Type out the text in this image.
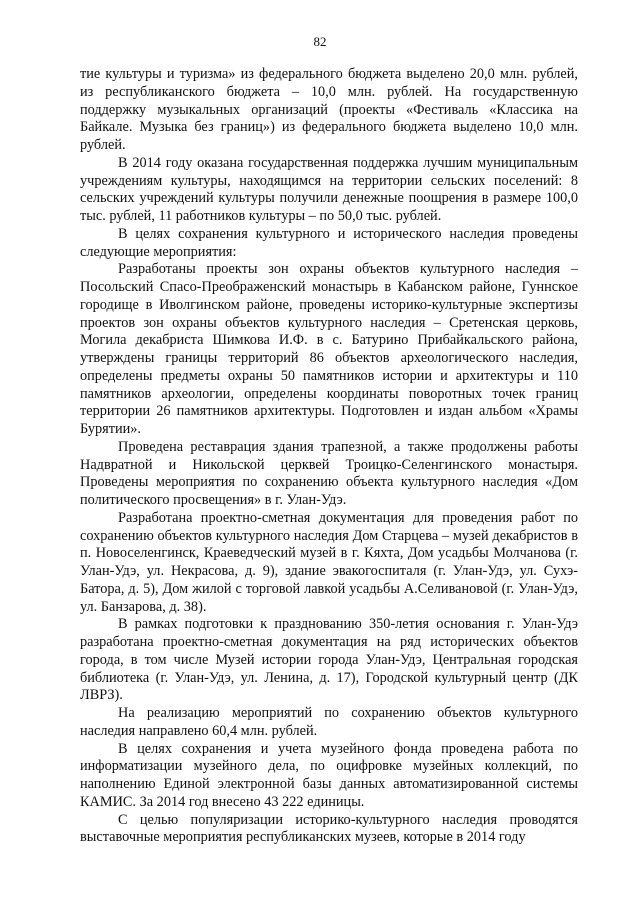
82

тие культуры и туризма» из федерального бюджета выделено 20,0 млн. рублей, из республиканского бюджета – 10,0 млн. рублей. На государственную поддержку музыкальных организаций (проекты «Фестиваль «Классика на Байкале. Музыка без границ») из федерального бюджета выделено 10,0 млн. рублей.

В 2014 году оказана государственная поддержка лучшим муниципальным учреждениям культуры, находящимся на территории сельских поселений: 8 сельских учреждений культуры получили денежные поощрения в размере 100,0 тыс. рублей, 11 работников культуры – по 50,0 тыс. рублей.

В целях сохранения культурного и исторического наследия проведены следующие мероприятия:

Разработаны проекты зон охраны объектов культурного наследия – Посольский Спасо-Преображенский монастырь в Кабанском районе, Гуннское городище в Иволгинском районе, проведены историко-культурные экспертизы проектов зон охраны объектов культурного наследия – Сретенская церковь, Могила декабриста Шимкова И.Ф. в с. Батурино Прибайкальского района, утверждены границы территорий 86 объектов археологического наследия, определены предметы охраны 50 памятников истории и архитектуры и 110 памятников археологии, определены координаты поворотных точек границ территории 26 памятников архитектуры. Подготовлен и издан альбом «Храмы Бурятии».

Проведена реставрация здания трапезной, а также продолжены работы Надвратной и Никольской церквей Троицко-Селенгинского монастыря. Проведены мероприятия по сохранению объекта культурного наследия «Дом политического просвещения» в г. Улан-Удэ.

Разработана проектно-сметная документация для проведения работ по сохранению объектов культурного наследия Дом Старцева – музей декабристов в п. Новоселенгинск, Краеведческий музей в г. Кяхта, Дом усадьбы Молчанова (г. Улан-Удэ, ул. Некрасова, д. 9), здание эвакогоспиталя (г. Улан-Удэ, ул. Сухэ-Батора, д. 5), Дом жилой с торговой лавкой усадьбы А.Селивановой (г. Улан-Удэ, ул. Банзарова, д. 38).

В рамках подготовки к празднованию 350-летия основания г. Улан-Удэ разработана проектно-сметная документация на ряд исторических объектов города, в том числе Музей истории города Улан-Удэ, Центральная городская библиотека (г. Улан-Удэ, ул. Ленина, д. 17), Городской культурный центр (ДК ЛВРЗ).

На реализацию мероприятий по сохранению объектов культурного наследия направлено 60,4 млн. рублей.

В целях сохранения и учета музейного фонда проведена работа по информатизации музейного дела, по оцифровке музейных коллекций, по наполнению Единой электронной базы данных автоматизированной системы КАМИС. За 2014 год внесено 43 222 единицы.

С целью популяризации историко-культурного наследия проводятся выставочные мероприятия республиканских музеев, которые в 2014 году
